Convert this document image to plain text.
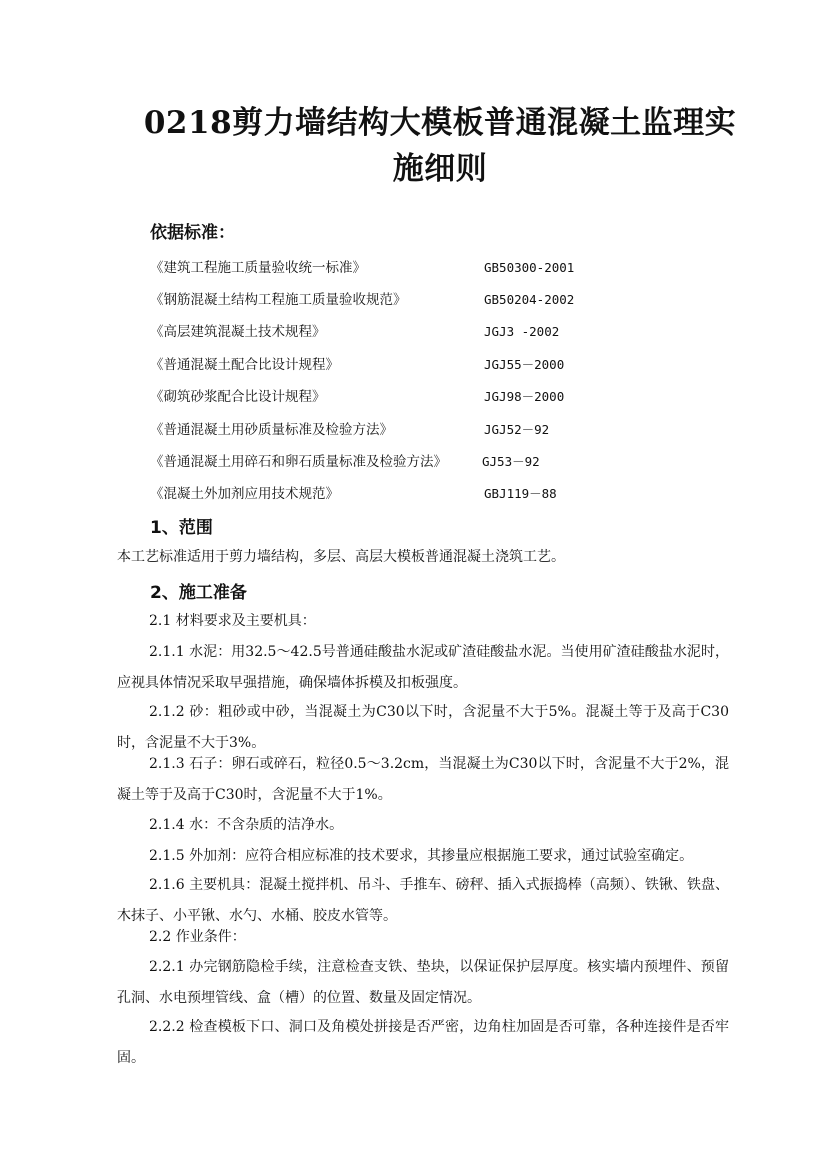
0218剪力墙结构大模板普通混凝土监理实
施细则
依据标准：
《建筑工程施工质量验收统一标准》	GB50300-2001
《钢筋混凝土结构工程施工质量验收规范》	GB50204-2002
《高层建筑混凝土技术规程》	JGJ3 -2002
《普通混凝土配合比设计规程》	JGJ55－2000
《砌筑砂浆配合比设计规程》	JGJ98－2000
《普通混凝土用砂质量标准及检验方法》	JGJ52－92
《普通混凝土用碎石和卵石质量标准及检验方法》	GJ53－92
《混凝土外加剂应用技术规范》	GBJ119－88
1、范围
本工艺标准适用于剪力墙结构，多层、高层大模板普通混凝土浇筑工艺。
2、施工准备
2.1 材料要求及主要机具：
2.1.1 水泥：用32.5～42.5号普通硅酸盐水泥或矿渣硅酸盐水泥。当使用矿渣硅酸盐水泥时，应视具体情况采取早强措施，确保墙体拆模及扣板强度。
2.1.2 砂：粗砂或中砂，当混凝土为C30以下时，含泥量不大于5%。混凝土等于及高于C30时，含泥量不大于3%。
2.1.3 石子：卵石或碎石，粒径0.5～3.2cm，当混凝土为C30以下时，含泥量不大于2%，混凝土等于及高于C30时，含泥量不大于1%。
2.1.4 水：不含杂质的洁净水。
2.1.5 外加剂：应符合相应标准的技术要求，其掺量应根据施工要求，通过试验室确定。
2.1.6 主要机具：混凝土搅拌机、吊斗、手推车、磅秤、插入式振捣棒（高频）、铁锹、铁盘、木抹子、小平锹、水勺、水桶、胶皮水管等。
2.2 作业条件：
2.2.1 办完钢筋隐检手续，注意检查支铁、垫块，以保证保护层厚度。核实墙内预埋件、预留孔洞、水电预埋管线、盒（槽）的位置、数量及固定情况。
2.2.2 检查模板下口、洞口及角模处拼接是否严密，边角柱加固是否可靠，各种连接件是否牢固。
